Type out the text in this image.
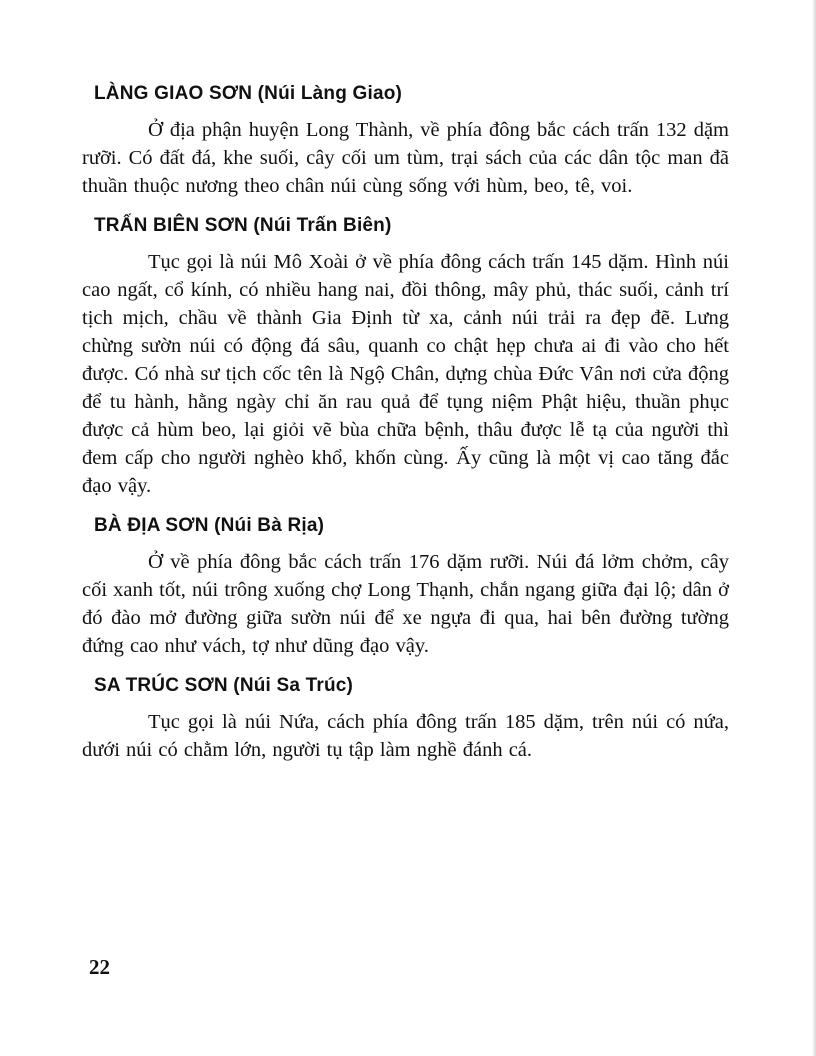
LÀNG GIAO SƠN (Núi Làng Giao)

Ở địa phận huyện Long Thành, về phía đông bắc cách trấn 132 dặm rưỡi. Có đất đá, khe suối, cây cối um tùm, trại sách của các dân tộc man đã thuần thuộc nương theo chân núi cùng sống với hùm, beo, tê, voi.

TRẤN BIÊN SƠN (Núi Trấn Biên)

Tục gọi là núi Mô Xoài ở về phía đông cách trấn 145 dặm. Hình núi cao ngất, cổ kính, có nhiều hang nai, đồi thông, mây phủ, thác suối, cảnh trí tịch mịch, chầu về thành Gia Định từ xa, cảnh núi trải ra đẹp đẽ. Lưng chừng sườn núi có động đá sâu, quanh co chật hẹp chưa ai đi vào cho hết được. Có nhà sư tịch cốc tên là Ngộ Chân, dựng chùa Đức Vân nơi cửa động để tu hành, hằng ngày chỉ ăn rau quả để tụng niệm Phật hiệu, thuần phục được cả hùm beo, lại giỏi vẽ bùa chữa bệnh, thâu được lễ tạ của người thì đem cấp cho người nghèo khổ, khốn cùng. Ấy cũng là một vị cao tăng đắc đạo vậy.

BÀ ĐỊA SƠN (Núi Bà Rịa)

Ở về phía đông bắc cách trấn 176 dặm rưỡi. Núi đá lởm chởm, cây cối xanh tốt, núi trông xuống chợ Long Thạnh, chắn ngang giữa đại lộ; dân ở đó đào mở đường giữa sườn núi để xe ngựa đi qua, hai bên đường tường đứng cao như vách, tợ như dũng đạo vậy.

SA TRÚC SƠN (Núi Sa Trúc)

Tục gọi là núi Nứa, cách phía đông trấn 185 dặm, trên núi có nứa, dưới núi có chằm lớn, người tụ tập làm nghề đánh cá.

22
